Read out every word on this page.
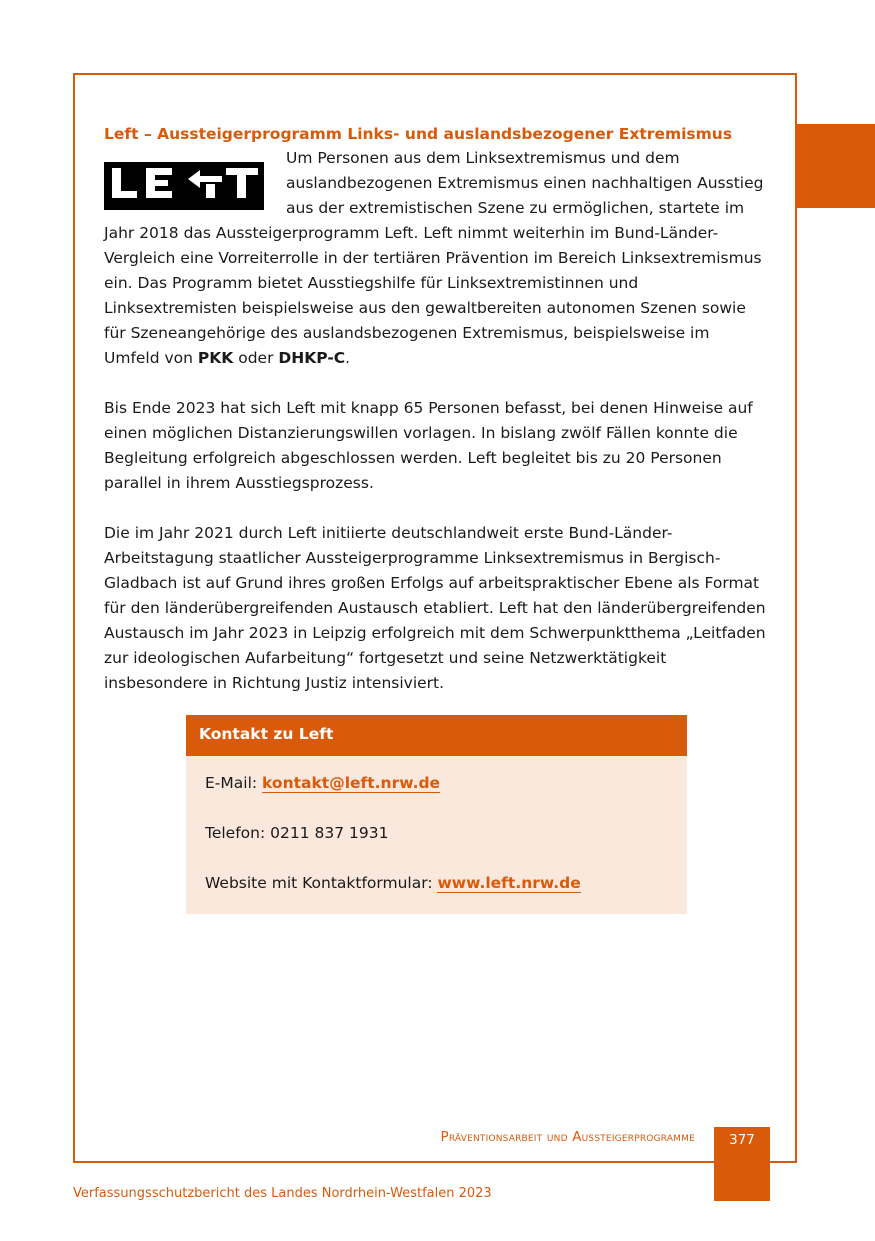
Left – Aussteigerprogramm Links- und auslandsbezogener Extremismus

Um Personen aus dem Linksextremismus und dem auslandbezogenen Extremismus einen nachhaltigen Ausstieg aus der extremistischen Szene zu ermöglichen, startete im Jahr 2018 das Aussteigerprogramm Left. Left nimmt weiterhin im Bund-Länder-Vergleich eine Vorreiterrolle in der tertiären Prävention im Bereich Linksextremismus ein. Das Programm bietet Ausstiegshilfe für Linksextremistinnen und Linksextremisten beispielsweise aus den gewaltbereiten autonomen Szenen sowie für Szeneangehörige des auslandsbezogenen Extremismus, beispielsweise im Umfeld von PKK oder DHKP-C.

Bis Ende 2023 hat sich Left mit knapp 65 Personen befasst, bei denen Hinweise auf einen möglichen Distanzierungswillen vorlagen. In bislang zwölf Fällen konnte die Begleitung erfolgreich abgeschlossen werden. Left begleitet bis zu 20 Personen parallel in ihrem Ausstiegsprozess.

Die im Jahr 2021 durch Left initiierte deutschlandweit erste Bund-Länder-Arbeitstagung staatlicher Aussteigerprogramme Linksextremismus in Bergisch-Gladbach ist auf Grund ihres großen Erfolgs auf arbeitspraktischer Ebene als Format für den länderübergreifenden Austausch etabliert. Left hat den länderübergreifenden Austausch im Jahr 2023 in Leipzig erfolgreich mit dem Schwerpunktthema „Leitfaden zur ideologischen Aufarbeitung“ fortgesetzt und seine Netzwerktätigkeit insbesondere in Richtung Justiz intensiviert.

Kontakt zu Left
E-Mail: kontakt@left.nrw.de
Telefon: 0211 837 1931
Website mit Kontaktformular: www.left.nrw.de
Präventionsarbeit und Aussteigerprogramme	377
Verfassungsschutzbericht des Landes Nordrhein-Westfalen 2023
